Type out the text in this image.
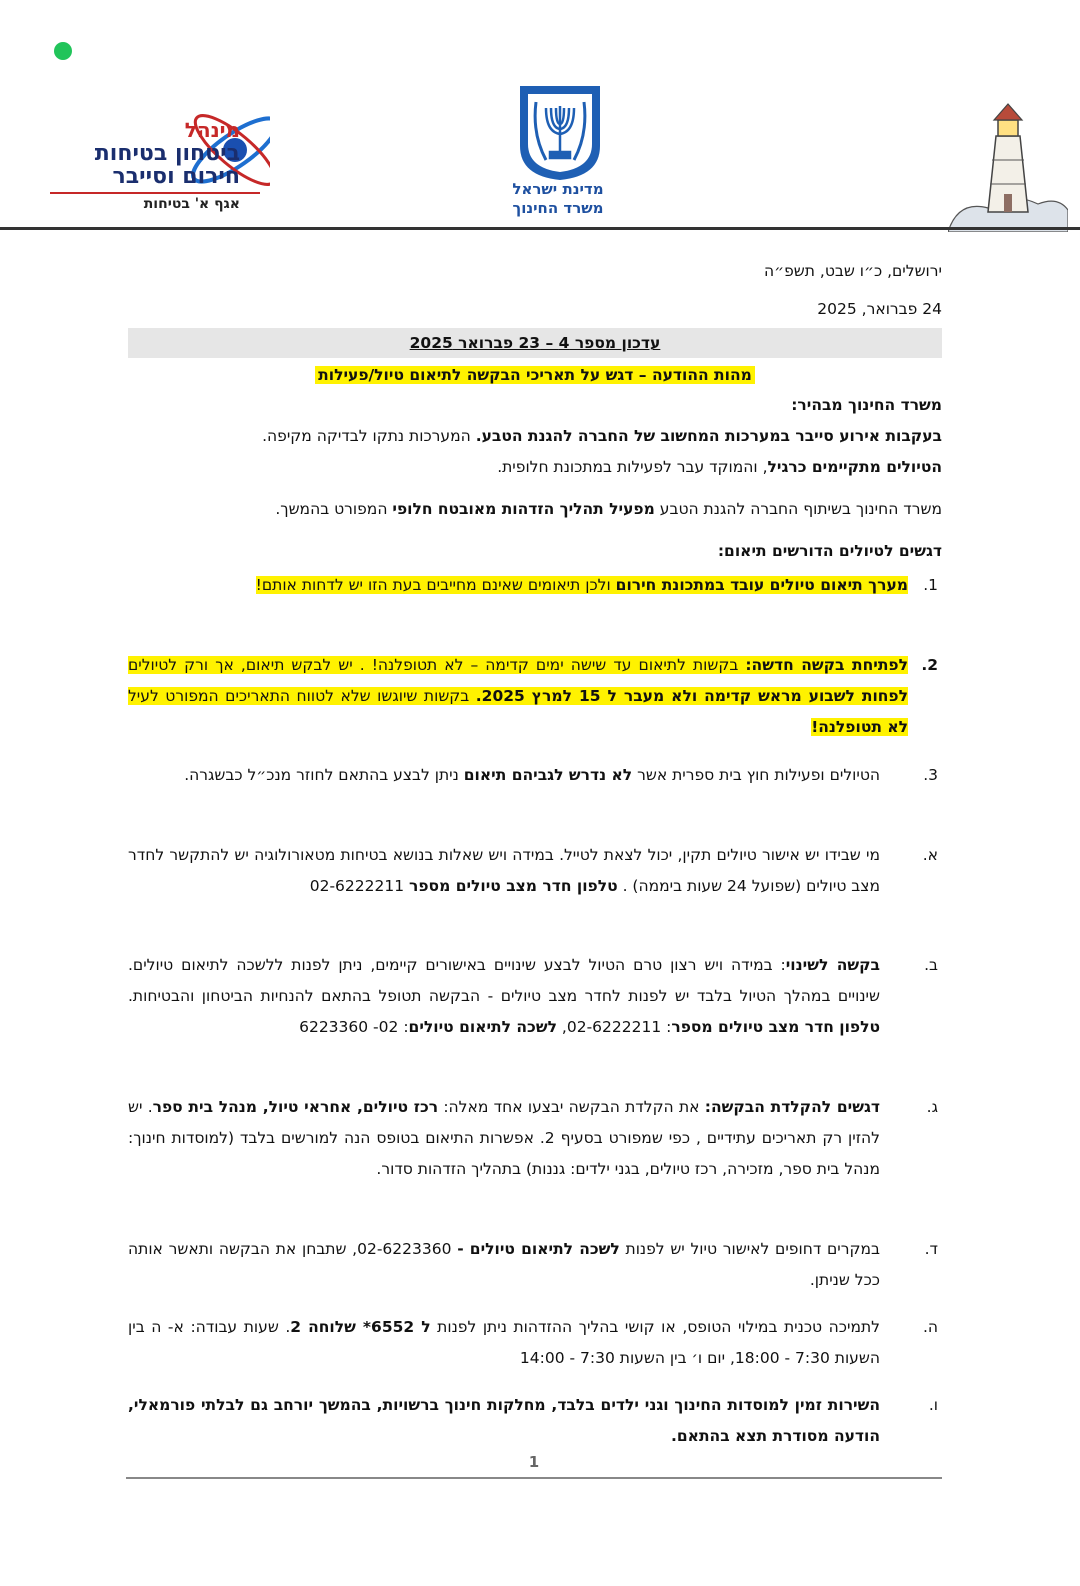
מינהל
ביטחון בטיחות
חירום וסייבר
אגף א' בטיחות
מדינת ישראל
משרד החינוך
ירושלים, כ״ו שבט, תשפ״ה
24 פברואר, 2025
עדכון מספר 4 – 23 פברואר 2025
מהות ההודעה – דגש על תאריכי הבקשה לתיאום טיול/פעילות
משרד החינוך מבהיר:
בעקבות אירוע סייבר במערכות המחשוב של החברה להגנת הטבע. המערכות נתקו לבדיקה מקיפה.
הטיולים מתקיימים כרגיל, והמוקד עבר לפעילות במתכונת חלופית.
משרד החינוך בשיתוף החברה להגנת הטבע מפעיל תהליך הזדהות מאובטח חלופי המפורט בהמשך.
דגשים לטיולים הדורשים תיאום:
1.
מערך תיאום טיולים עובד במתכונת חירום ולכן תיאומים שאינם מחייבים בעת הזו יש לדחות אותם!
2.
לפתיחת בקשה חדשה: בקשות לתיאום עד שישה ימים קדימה – לא תטופלנה! . יש לבקש תיאום, אך ורק לטיולים לפחות לשבוע מראש קדימה ולא מעבר ל 15 למרץ 2025. בקשות שיוגשו שלא לטווח התאריכים המפורט לעיל לא תטופלנה!
3.
הטיולים ופעילות חוץ בית ספרית אשר לא נדרש לגביהם תיאום ניתן לבצע בהתאם לחוזר מנכ״ל כבשגרה.
א.
מי שבידו יש אישור טיולים תקין, יכול לצאת לטייל. במידה ויש שאלות בנושא בטיחות מטאורולוגיה יש להתקשר לחדר מצב טיולים (שפועל 24 שעות ביממה) . טלפון חדר מצב טיולים מספר 02-6222211
ב.
בקשה לשינוי: במידה ויש רצון טרם הטיול לבצע שינויים באישורים קיימים, ניתן לפנות ללשכה לתיאום טיולים. שינויים במהלך הטיול בלבד יש לפנות לחדר מצב טיולים - הבקשה תטופל בהתאם להנחיות הביטחון והבטיחות. טלפון חדר מצב טיולים מספר: 02-6222211, לשכה לתיאום טיולים: 02- 6223360
ג.
דגשים להקלדת הבקשה: את הקלדת הבקשה יבצעו אחד מאלה: רכז טיולים, אחראי טיול, מנהל בית ספר. יש להזין רק תאריכים עתידיים , כפי שמפורט בסעיף 2. אפשרות התיאום בטופס הנה למורשים בלבד (למוסדות חינוך: מנהל בית ספר, מזכירה, רכז טיולים, בגני ילדים: גננות) בתהליך הזדהות סדור.
ד.
במקרים דחופים לאישור טיול יש לפנות לשכה לתיאום טיולים - 02-6223360, שתבחן את הבקשה ותאשר אותה ככל שניתן.
ה.
לתמיכה טכנית במילוי הטופס, או קושי בהליך ההזדהות ניתן לפנות ל 6552* שלוחה 2. שעות עבודה: א- ה בין השעות 7:30 - 18:00, יום ו׳ בין השעות 7:30 - 14:00
ו.
השירות זמין למוסדות החינוך וגני ילדים בלבד, מחלקות חינוך ברשויות, בהמשך יורחב גם לבלתי פורמאלי, הודעה מסודרת תצא בהתאם.
1
